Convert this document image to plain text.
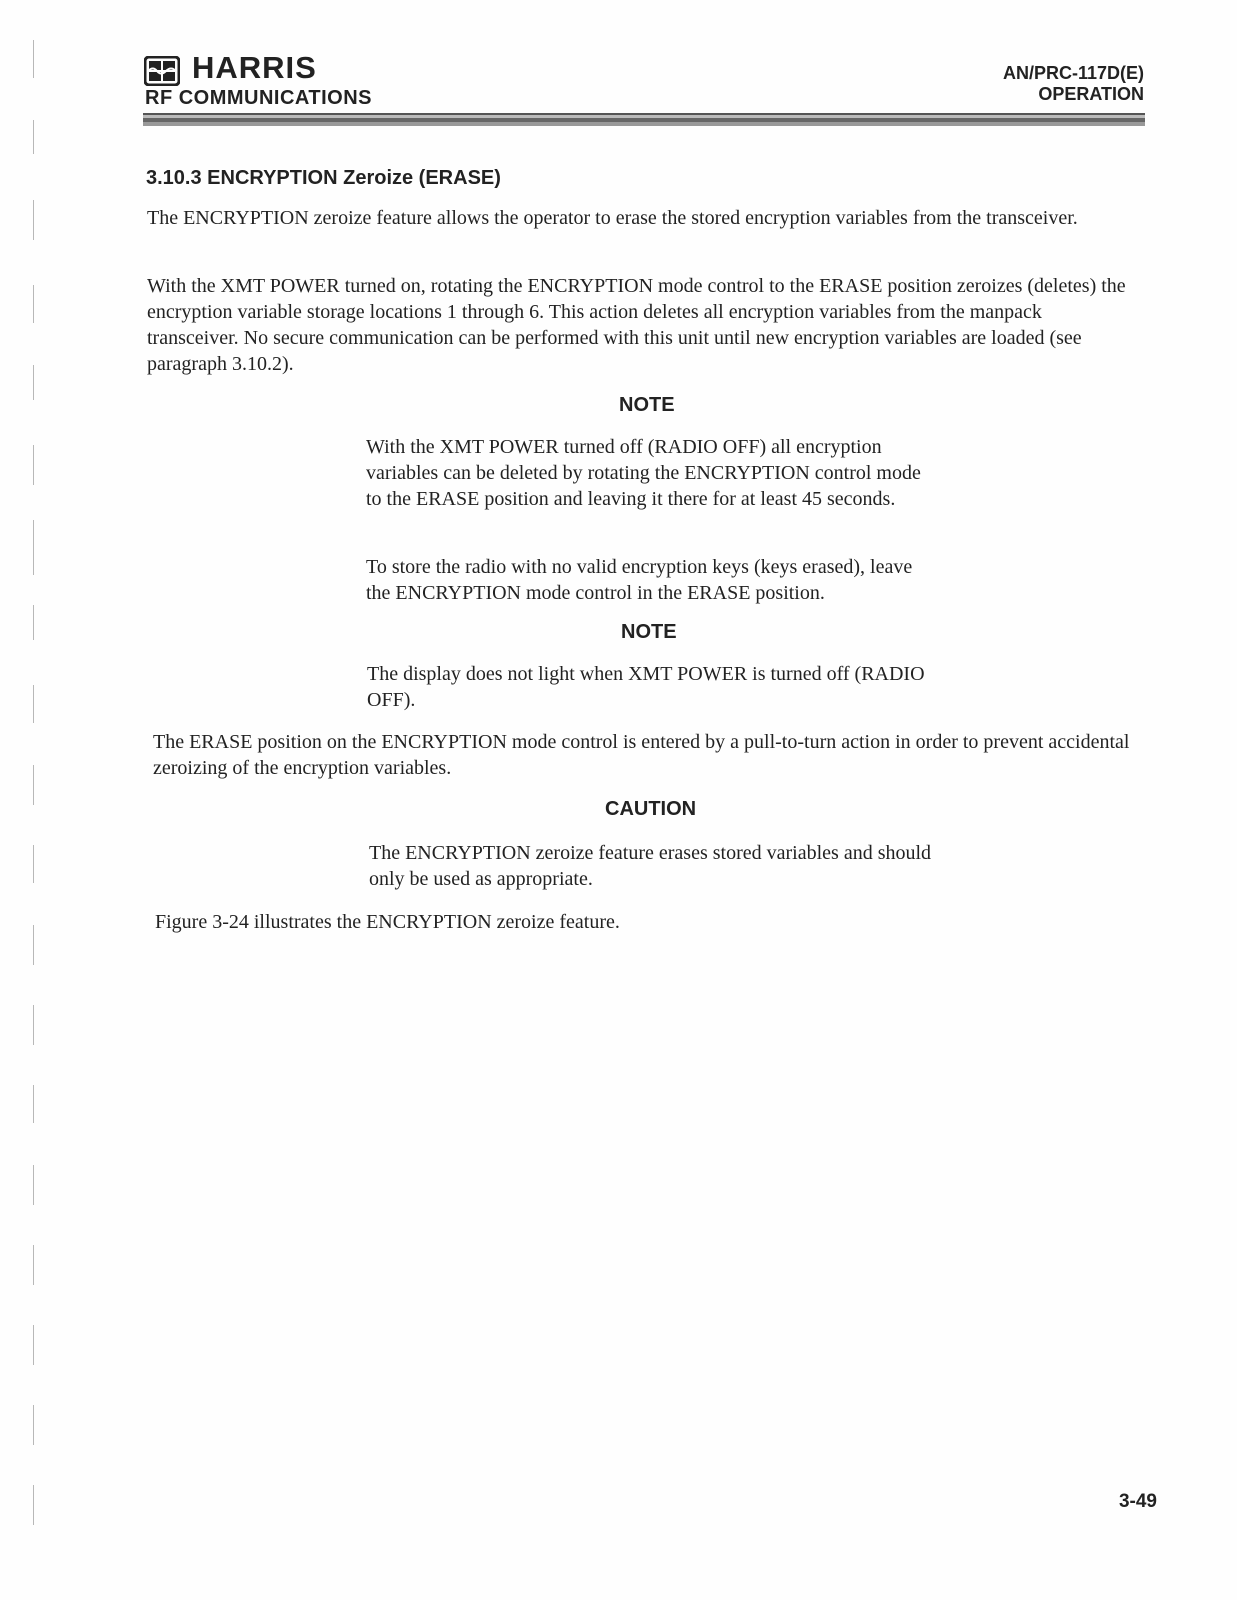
HARRIS
RF COMMUNICATIONS
AN/PRC-117D(E)
OPERATION
3.10.3 ENCRYPTION Zeroize (ERASE)

The ENCRYPTION zeroize feature allows the operator to erase the stored encryption variables from the transceiver.

With the XMT POWER turned on, rotating the ENCRYPTION mode control to the ERASE position zeroizes (deletes) the encryption variable storage locations 1 through 6. This action deletes all encryption variables from the manpack transceiver. No secure communication can be performed with this unit until new encryption variables are loaded (see paragraph 3.10.2).

NOTE

With the XMT POWER turned off (RADIO OFF) all encryption variables can be deleted by rotating the ENCRYPTION control mode to the ERASE position and leaving it there for at least 45 seconds.

To store the radio with no valid encryption keys (keys erased), leave the ENCRYPTION mode control in the ERASE position.

NOTE

The display does not light when XMT POWER is turned off (RADIO OFF).

The ERASE position on the ENCRYPTION mode control is entered by a pull-to-turn action in order to prevent accidental zeroizing of the encryption variables.

CAUTION

The ENCRYPTION zeroize feature erases stored variables and should only be used as appropriate.

Figure 3-24 illustrates the ENCRYPTION zeroize feature.

3-49
